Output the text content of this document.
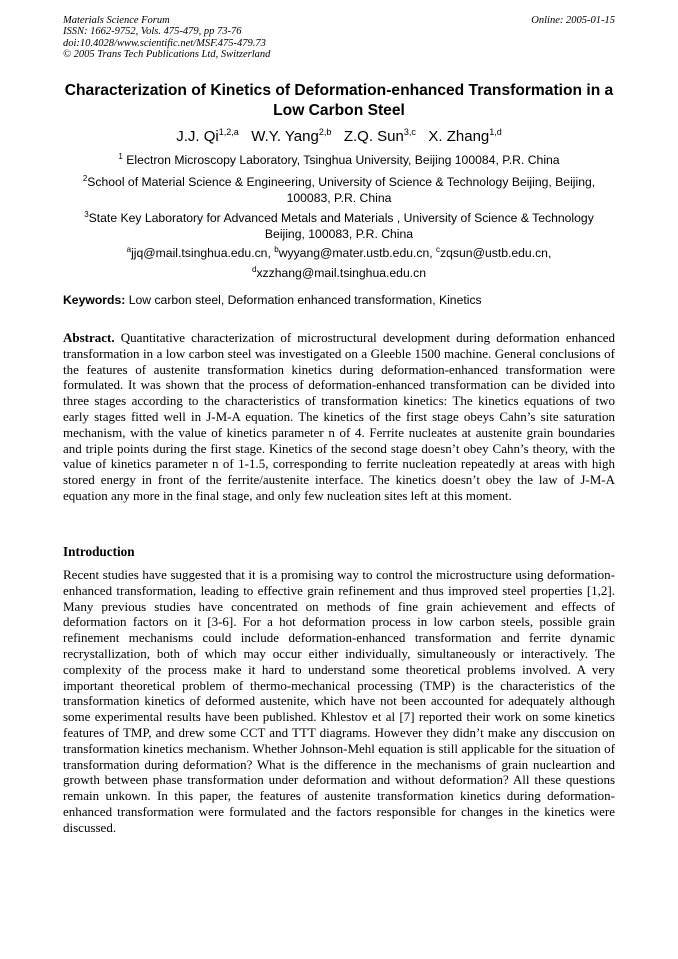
Materials Science Forum
ISSN: 1662-9752, Vols. 475-479, pp 73-76
doi:10.4028/www.scientific.net/MSF.475-479.73
© 2005 Trans Tech Publications Ltd, Switzerland
Online: 2005-01-15
Characterization of Kinetics of Deformation-enhanced Transformation in a Low Carbon Steel
J.J. Qi$^{1,2,a}$ W.Y. Yang$^{2,b}$ Z.Q. Sun$^{3,c}$ X. Zhang$^{1,d}$
$^1$ Electron Microscopy Laboratory, Tsinghua University, Beijing 100084, P.R. China
$^2$School of Material Science & Engineering, University of Science & Technology Beijing, Beijing, 100083, P.R. China
$^3$State Key Laboratory for Advanced Metals and Materials , University of Science & Technology Beijing, 100083, P.R. China
$^a$jjq@mail.tsinghua.edu.cn, $^b$wyyang@mater.ustb.edu.cn, $^c$zqsun@ustb.edu.cn,
$^d$xzzhang@mail.tsinghua.edu.cn
Keywords: Low carbon steel, Deformation enhanced transformation, Kinetics

Abstract. Quantitative characterization of microstructural development during deformation enhanced transformation in a low carbon steel was investigated on a Gleeble 1500 machine. General conclusions of the features of austenite transformation kinetics during deformation-enhanced transformation were formulated. It was shown that the process of deformation-enhanced transformation can be divided into three stages according to the characteristics of transformation kinetics: The kinetics equations of two early stages fitted well in J-M-A equation. The kinetics of the first stage obeys Cahn’s site saturation mechanism, with the value of kinetics parameter n of 4. Ferrite nucleates at austenite grain boundaries and triple points during the first stage. Kinetics of the second stage doesn’t obey Cahn’s theory, with the value of kinetics parameter n of 1-1.5, corresponding to ferrite nucleation repeatedly at areas with high stored energy in front of the ferrite/austenite interface. The kinetics doesn’t obey the law of J-M-A equation any more in the final stage, and only few nucleation sites left at this moment.

Introduction

Recent studies have suggested that it is a promising way to control the microstructure using deformation-enhanced transformation, leading to effective grain refinement and thus improved steel properties [1,2]. Many previous studies have concentrated on methods of fine grain achievement and effects of deformation factors on it [3-6]. For a hot deformation process in low carbon steels, possible grain refinement mechanisms could include deformation-enhanced transformation and ferrite dynamic recrystallization, both of which may occur either individually, simultaneously or interactively. The complexity of the process make it hard to understand some theoretical problems involved. A very important theoretical problem of thermo-mechanical processing (TMP) is the characteristics of the transformation kinetics of deformed austenite, which have not been accounted for adequately although some experimental results have been published. Khlestov et al [7] reported their work on some kinetics features of TMP, and drew some CCT and TTT diagrams. However they didn’t make any disccusion on transformation kinetics mechanism. Whether Johnson-Mehl equation is still applicable for the situation of transformation during deformation? What is the difference in the mechanisms of grain nucleartion and growth between phase transformation under deformation and without deformation? All these questions remain unkown. In this paper, the features of austenite transformation kinetics during deformation-enhanced transformation were formulated and the factors responsible for changes in the kinetics were discussed.
